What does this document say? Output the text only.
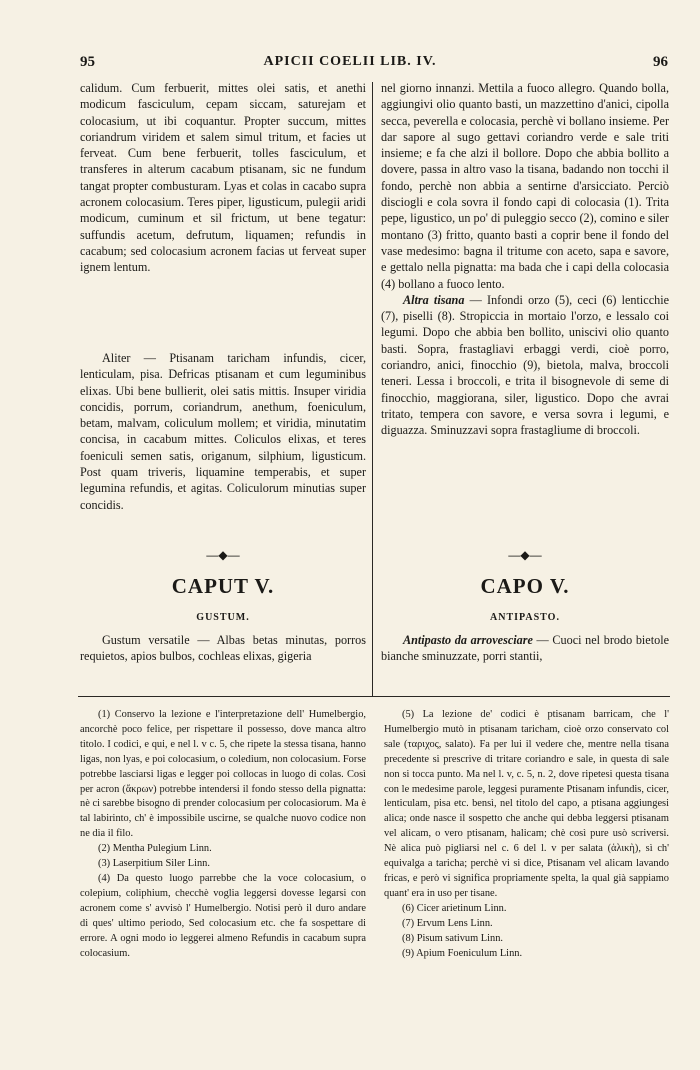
95	APICII COELII LIB. IV.	96

calidum. Cum ferbuerit, mittes olei satis, et anethi modicum fasciculum, cepam siccam, saturejam et colocasium, ut ibi coquantur. Propter succum, mittes coriandrum viridem et salem simul tritum, et facies ut ferveat. Cum bene ferbuerit, tolles fasciculum, et transferes in alterum cacabum ptisanam, sic ne fundum tangat propter combusturam. Lyas et colas in cacabo supra acronem colocasium. Teres piper, ligusticum, pulegii aridi modicum, cuminum et sil frictum, ut bene tegatur: suffundis acetum, defrutum, liquamen; refundis in cacabum; sed colocasium acronem facias ut ferveat super ignem lentum.

Aliter — Ptisanam taricham infundis, cicer, lenticulam, pisa. Defricas ptisanam et cum leguminibus elixas. Ubi bene bullierit, olei satis mittis. Insuper viridia concidis, porrum, coriandrum, anethum, foeniculum, betam, malvam, coliculum mollem; et viridia, minutatim concisa, in cacabum mittes. Coliculos elixas, et teres foeniculi semen satis, origanum, silphium, ligusticum. Post quam triveris, liquamine temperabis, et super legumina refundis, et agitas. Coliculorum minutias super concidis.

—◆—
CAPUT V.
GUSTUM.

Gustum versatile — Albas betas minutas, porros requietos, apios bulbos, cochleas elixas, gigeria

nel giorno innanzi. Mettila a fuoco allegro. Quando bolla, aggiungivi olio quanto basti, un mazzettino d'anici, cipolla secca, peverella e colocasia, perchè vi bollano insieme. Per dar sapore al sugo gettavi coriandro verde e sale triti insieme; e fa che alzi il bollore. Dopo che abbia bollito a dovere, passa in altro vaso la tisana, badando non tocchi il fondo, perchè non abbia a sentirne d'arsicciato. Perciò disciogli e cola sovra il fondo capi di colocasia (1). Trita pepe, ligustico, un po' di puleggio secco (2), comino e siler montano (3) fritto, quanto basti a coprir bene il fondo del vase medesimo: bagna il tritume con aceto, sapa e savore, e gettalo nella pignatta: ma bada che i capi della colocasia (4) bollano a fuoco lento.

Altra tisana — Infondi orzo (5), ceci (6) lenticchie (7), piselli (8). Stropiccia in mortaio l'orzo, e lessalo coi legumi. Dopo che abbia ben bollito, uniscivi olio quanto basti. Sopra, frastagliavi erbaggi verdi, cioè porro, coriandro, anici, finocchio (9), bietola, malva, broccoli teneri. Lessa i broccoli, e trita il bisognevole di seme di finocchio, maggiorana, siler, ligustico. Dopo che avrai tritato, tempera con savore, e versa sovra i legumi, e diguazza. Sminuzzavi sopra frastagliume di broccoli.

—◆—
CAPO V.
ANTIPASTO.

Antipasto da arrovesciare — Cuoci nel brodo bietole bianche sminuzzate, porri stantii,

(1) Conservo la lezione e l'interpretazione dell' Humelbergio, ancorchè poco felice, per rispettare il possesso, dove manca altro titolo. I codici, e qui, e nel l. v c. 5, che ripete la stessa tisana, hanno ligas, non lyas, e poi colocasium, o coledium, non colocasium. Forse potrebbe lasciarsi ligas e legger poi collocas in luogo di colas. Così per acron (ἄκρων) potrebbe intendersi il fondo stesso della pignatta: nè ci sarebbe bisogno di prender colocasium per colocasiorum. Ma è tal labirinto, ch' è impossibile uscirne, se qualche nuovo codice non ne dia il filo.

(2) Mentha Pulegium Linn.

(3) Laserpitium Siler Linn.

(4) Da questo luogo parrebbe che la voce colocasium, o colepium, coliphium, checchè voglia leggersi dovesse legarsi con acronem come s' avvisò l' Humelbergio. Notisi però il duro andare di ques' ultimo periodo, Sed colocasium etc. che fa sospettare di errore. A ogni modo io leggerei almeno Refundis in cacabum supra colocasium.

(5) La lezione de' codici è ptisanam barricam, che l' Humelbergio mutò in ptisanam taricham, cioè orzo conservato col sale (ταριχος, salato). Fa per lui il vedere che, mentre nella tisana precedente si prescrive di tritare coriandro e sale, in questa di sale non si tocca punto. Ma nel l. v, c. 5, n. 2, dove ripetesi questa tisana con le medesime parole, leggesi puramente Ptisanam infundis, cicer, lenticulam, pisa etc. bensì, nel titolo del capo, a ptisana aggiungesi alica; onde nasce il sospetto che anche qui debba leggersi ptisanam vel alicam, o vero ptisanam, halicam; chè così pure usò scriversi. Nè alica può pigliarsi nel c. 6 del l. v per salata (ἁλικὴ), sì ch' equivalga a taricha; perchè vi si dice, Ptisanam vel alicam lavando fricas, e però vi significa propriamente spelta, la qual già sappiamo quant' era in uso per tisane.

(6) Cicer arietinum Linn.

(7) Ervum Lens Linn.

(8) Pisum sativum Linn.

(9) Apium Foeniculum Linn.
